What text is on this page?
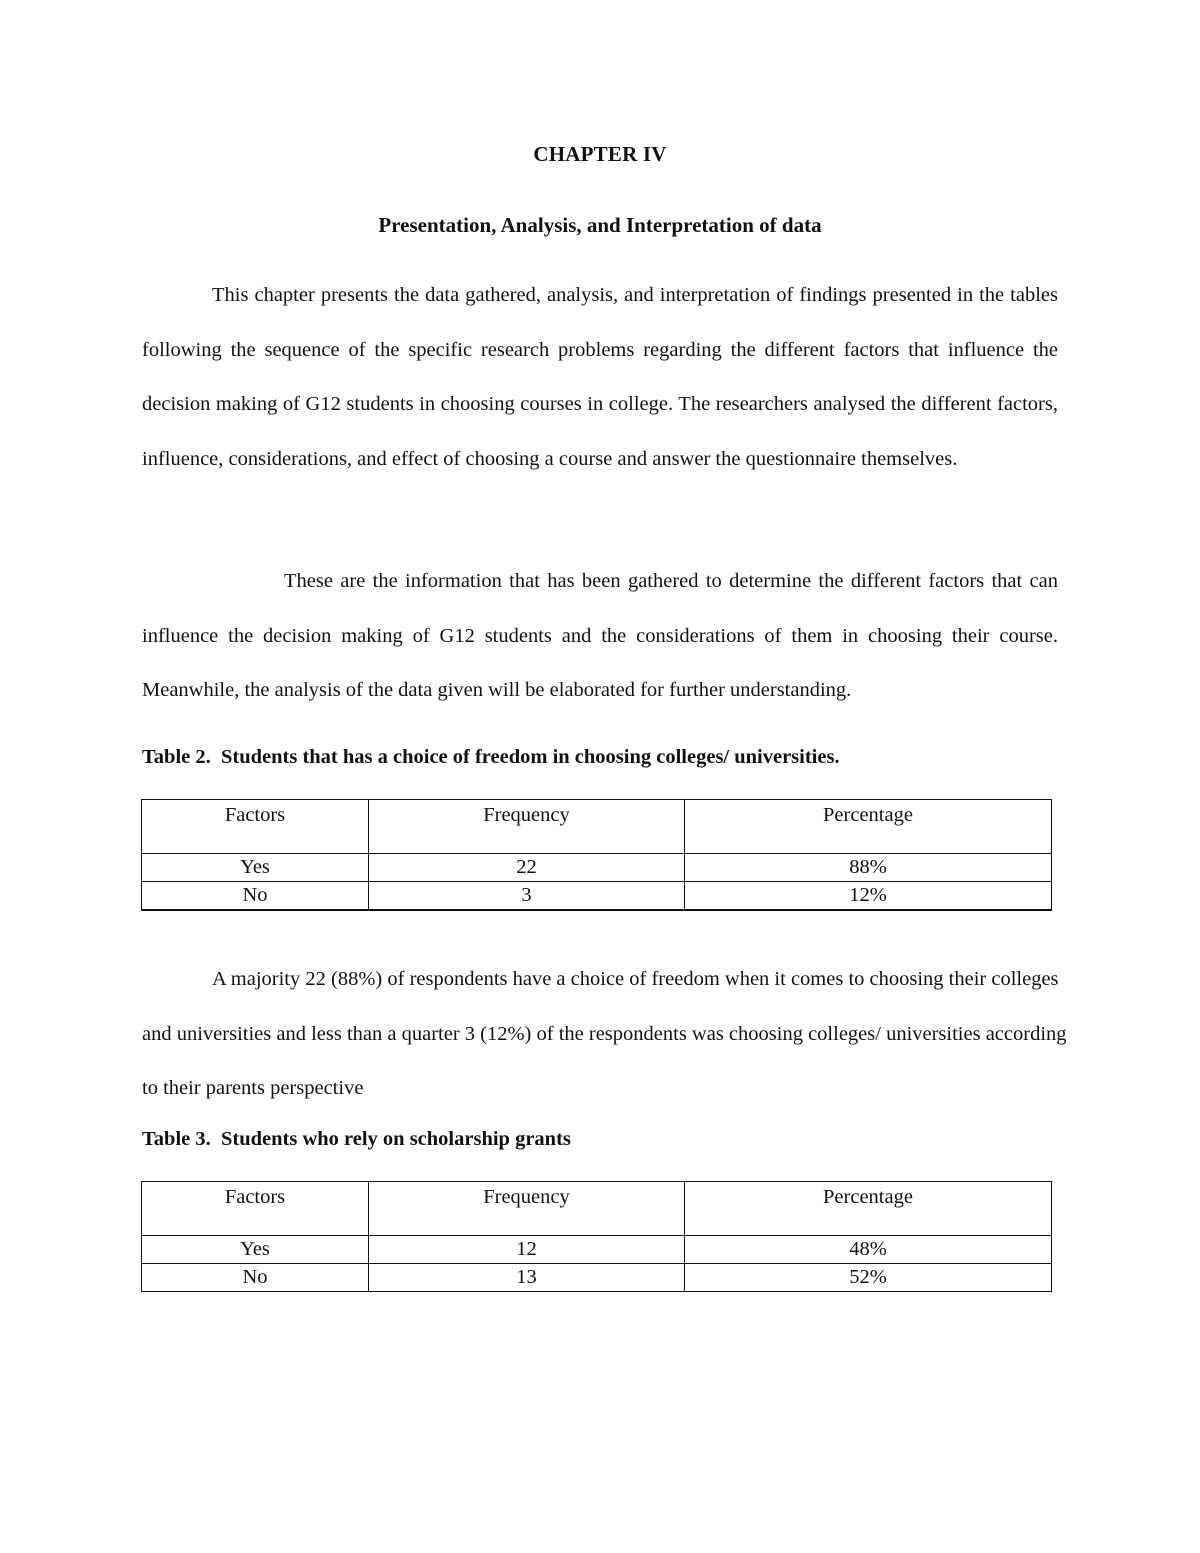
CHAPTER IV
Presentation, Analysis, and Interpretation of data

This chapter presents the data gathered, analysis, and interpretation of findings presented in the tables following the sequence of the specific research problems regarding the different factors that influence the decision making of G12 students in choosing courses in college. The researchers analysed the different factors, influence, considerations, and effect of choosing a course and answer the questionnaire themselves.

These are the information that has been gathered to determine the different factors that can influence the decision making of G12 students and the considerations of them in choosing their course. Meanwhile, the analysis of the data given will be elaborated for further understanding.

Table 2.  Students that has a choice of freedom in choosing colleges/ universities.
Factors	Frequency	Percentage
Yes	22	88%
No	3	12%

A majority 22 (88%) of respondents have a choice of freedom when it comes to choosing their colleges and universities and less than a quarter 3 (12%) of the respondents was choosing colleges/ universities according to their parents perspective

Table 3.  Students who rely on scholarship grants
Factors	Frequency	Percentage
Yes	12	48%
No	13	52%
